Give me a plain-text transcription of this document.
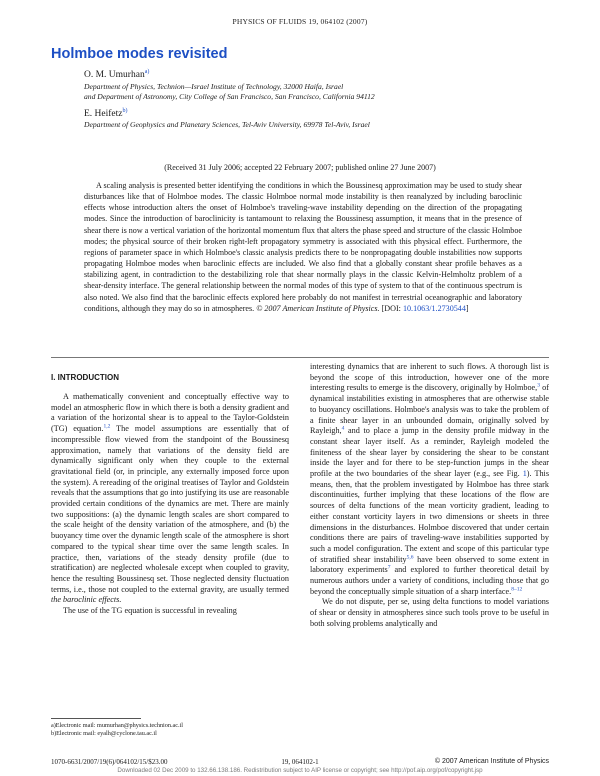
PHYSICS OF FLUIDS 19, 064102 (2007)
Holmboe modes revisited
O. M. Umurhan$^{a)}$
Department of Physics, Technion—Israel Institute of Technology, 32000 Haifa, Israel
and Department of Astronomy, City College of San Francisco, San Francisco, California 94112
E. Heifetz$^{b)}$
Department of Geophysics and Planetary Sciences, Tel-Aviv University, 69978 Tel-Aviv, Israel
(Received 31 July 2006; accepted 22 February 2007; published online 27 June 2007)
A scaling analysis is presented better identifying the conditions in which the Boussinesq approximation may be used to study shear disturbances like that of Holmboe modes. The classic Holmboe normal mode instability is then reanalyzed by including baroclinic effects whose introduction alters the onset of Holmboe's traveling-wave instability depending on the direction of the propagating modes. Since the introduction of baroclinicity is tantamount to relaxing the Boussinesq assumption, it means that in the presence of shear there is now a vertical variation of the horizontal momentum flux that alters the phase speed and structure of the classic Holmboe modes; the physical source of their broken right-left propagatory symmetry is associated with this physical effect. Furthermore, the regions of parameter space in which Holmboe's classic analysis predicts there to be nonpropagating double instabilities now supports propagating Holmboe modes when baroclinic effects are included. We also find that a globally constant shear profile behaves as a stabilizing agent, in contradiction to the destabilizing role that shear normally plays in the classic Kelvin-Helmholtz problem of a shear-density interface. The general relationship between the normal modes of this type of system to that of the continuous spectrum is also noted. We also find that the baroclinic effects explored here probably do not manifest in terrestrial oceanographic and laboratory conditions, although they may do so in atmospheres. © 2007 American Institute of Physics. [DOI: 10.1063/1.2730544]
I. INTRODUCTION

A mathematically convenient and conceptually effective way to model an atmospheric flow in which there is both a density gradient and a variation of the horizontal shear is to appeal to the Taylor-Goldstein (TG) equation.$^{1,2}$ The model assumptions are essentially that of incompressible flow viewed from the standpoint of the Boussinesq approximation, namely that variations of the density field are dynamically significant only when they couple to the external gravitational field (or, in principle, any externally imposed force upon the system). A rereading of the original treatises of Taylor and Goldstein reveals that the assumptions that go into justifying its use are reasonable provided certain conditions of the dynamics are met. There are mainly two suppositions: (a) the dynamic length scales are short compared to the scale height of the density variation of the atmosphere, and (b) the buoyancy time over the dynamic length scale of the atmosphere is short compared to the typical shear time over the same length scales. In practice, then, variations of the steady density profile (due to stratification) are neglected wholesale except when coupled to gravity, hence the resulting Boussinesq set. Those neglected density fluctuation terms, i.e., those not coupled to the external gravity, are usually termed the baroclinic effects.

The use of the TG equation is successful in revealing

interesting dynamics that are inherent to such flows. A thorough list is beyond the scope of this introduction, however one of the more interesting results to emerge is the discovery, originally by Holmboe,$^3$ of dynamical instabilities existing in atmospheres that are otherwise stable to buoyancy oscillations. Holmboe's analysis was to take the problem of a finite shear layer in an unbounded domain, originally solved by Rayleigh,$^4$ and to place a jump in the density profile midway in the constant shear layer itself. As a reminder, Rayleigh modeled the finiteness of the shear layer by considering the shear to be constant inside the layer and for there to be step-function jumps in the shear profile at the two boundaries of the shear layer (e.g., see Fig. 1). This means, then, that the problem investigated by Holmboe has three stark discontinuities, further implying that these locations of the flow are sources of delta functions of the mean vorticity gradient, leading to either constant vorticity layers in two dimensions or sheets in three dimensions in the disturbances. Holmboe discovered that under certain conditions there are pairs of traveling-wave instabilities supported by such a model configuration. The extent and scope of this particular type of stratified shear instability$^{5,6}$ have been observed to some extent in laboratory experiments$^7$ and explored to further theoretical detail by numerous authors under a variety of conditions, including those that go beyond the conceptually simple situation of a sharp interface.$^{8-12}$

We do not dispute, per se, using delta functions to model variations of shear or density in atmospheres since such tools prove to be useful in both solving problems analytically and

a)Electronic mail: mumurhan@physics.technion.ac.il
b)Electronic mail: eyalh@cyclone.tau.ac.il
1070-6631/2007/19(6)/064102/15/$23.00	19, 064102-1	© 2007 American Institute of Physics
Downloaded 02 Dec 2009 to 132.66.138.186. Redistribution subject to AIP license or copyright; see http://pof.aip.org/pof/copyright.jsp
